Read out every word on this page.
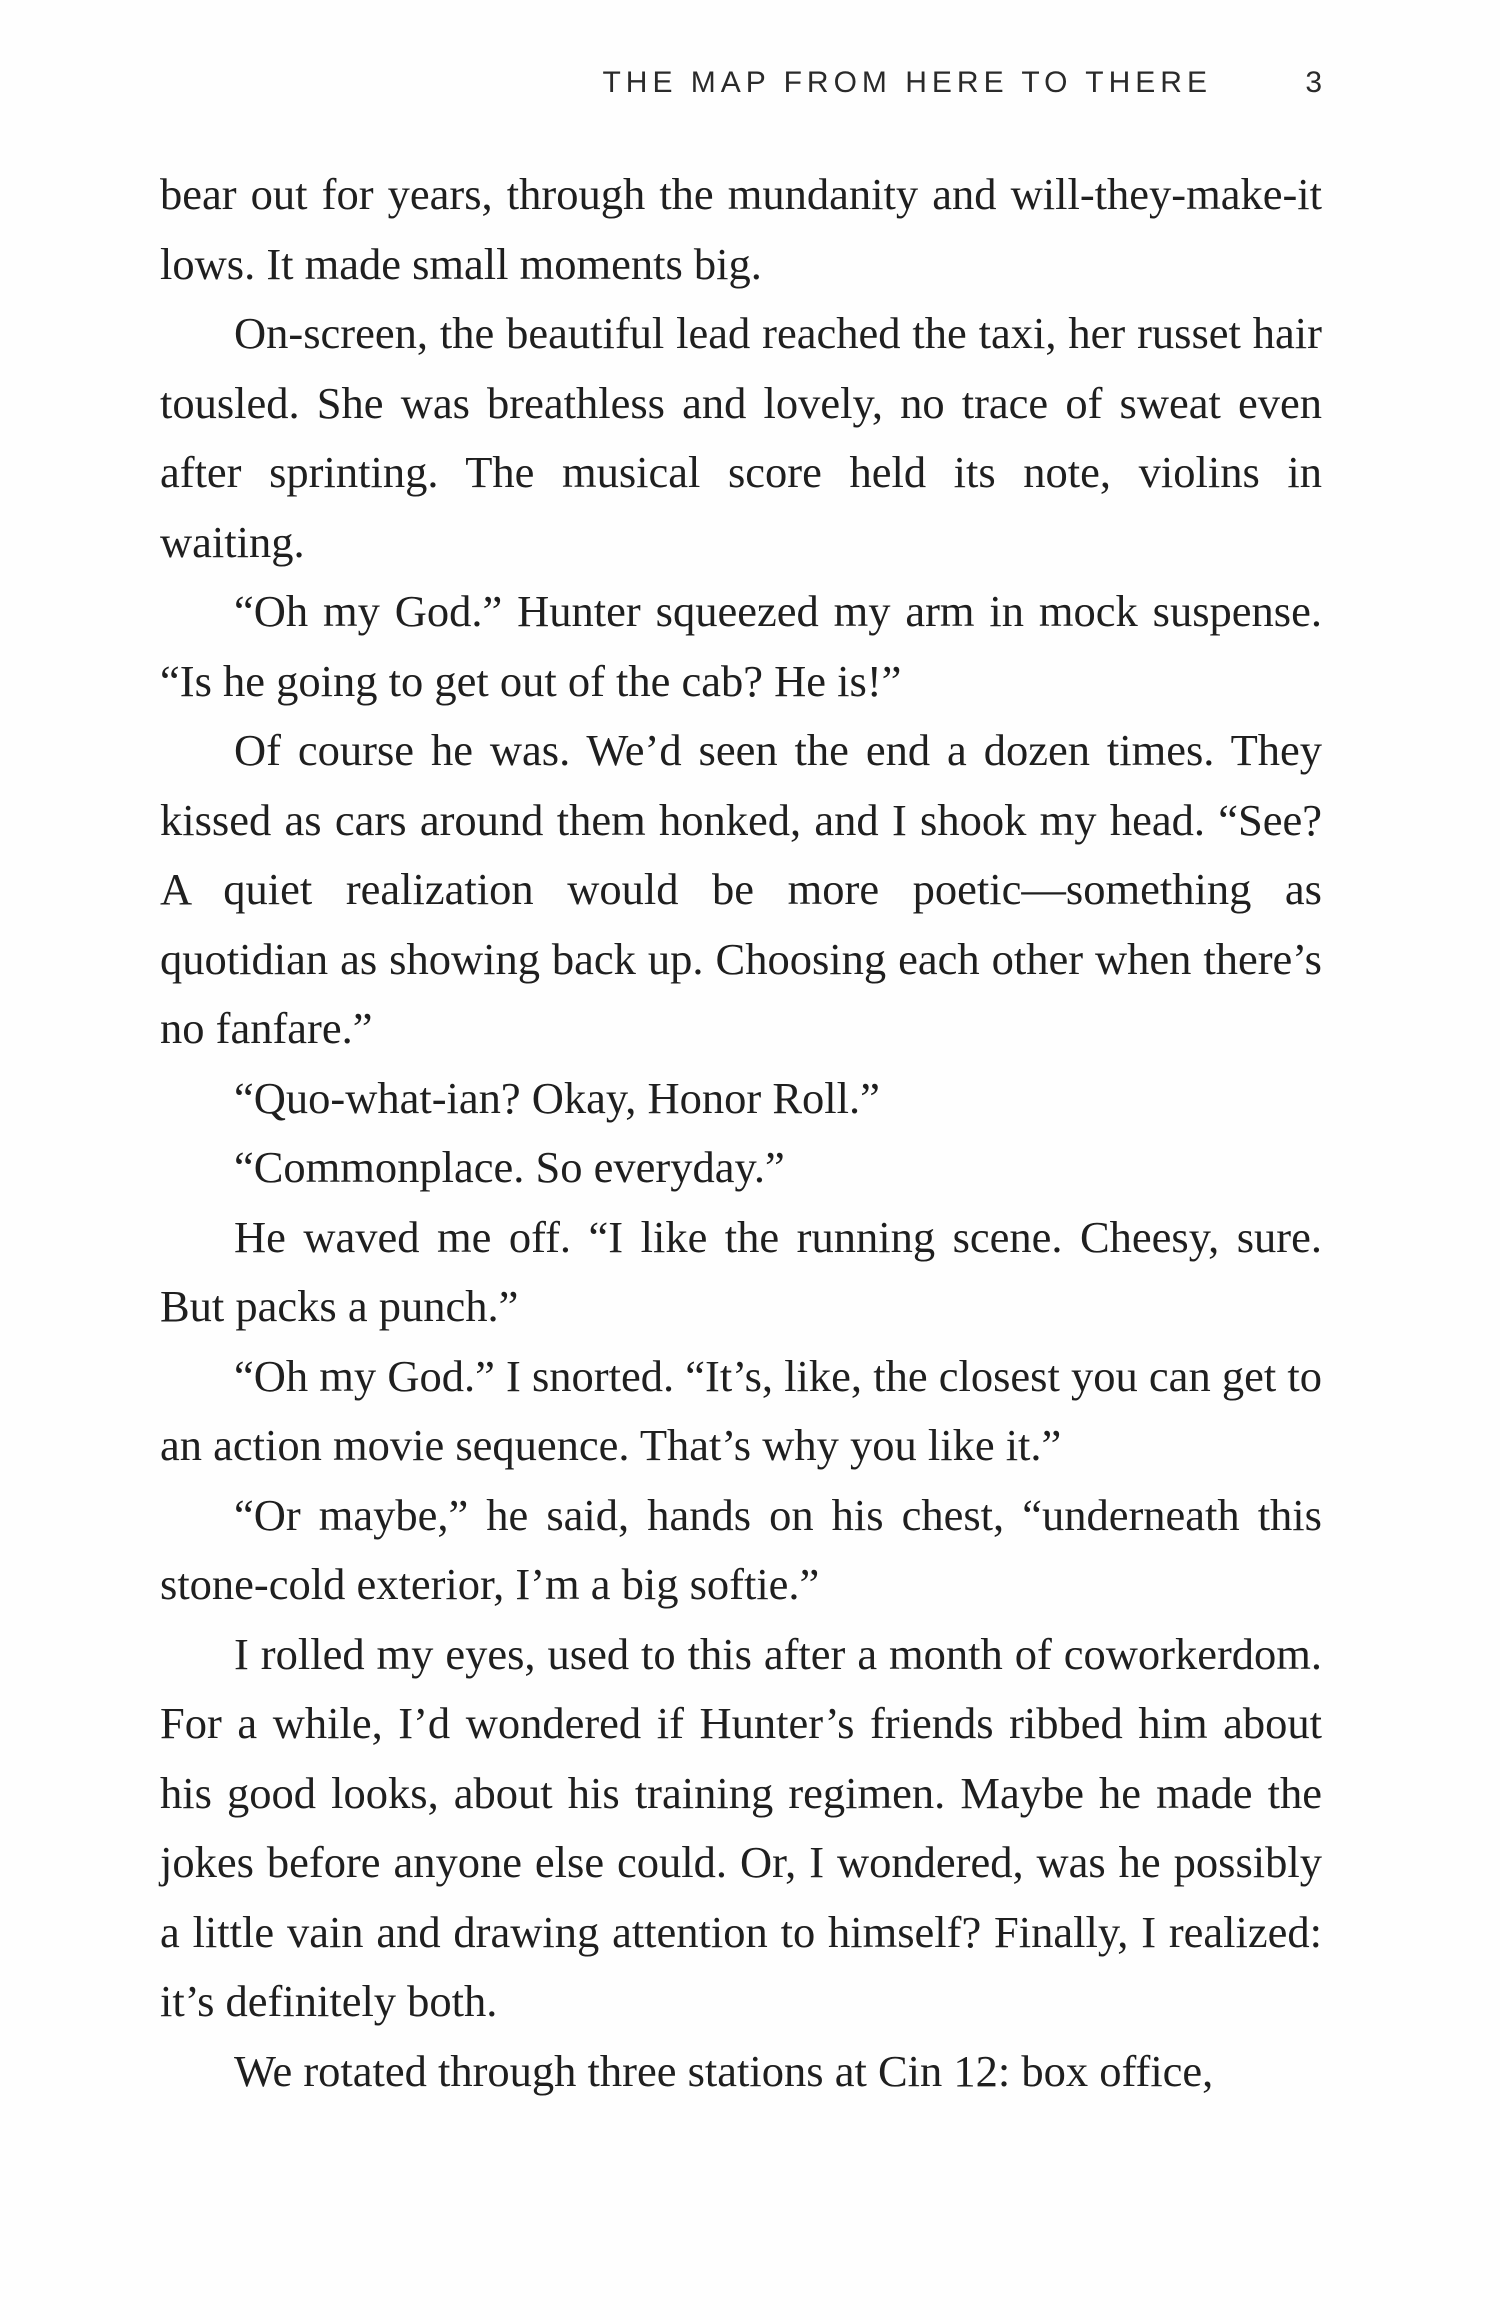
THE MAP FROM HERE TO THERE	3

bear out for years, through the mundanity and will-they-make-it lows. It made small moments big.

On-screen, the beautiful lead reached the taxi, her russet hair tousled. She was breathless and lovely, no trace of sweat even after sprinting. The musical score held its note, violins in waiting.

“Oh my God.” Hunter squeezed my arm in mock suspense. “Is he going to get out of the cab? He is!”

Of course he was. We’d seen the end a dozen times. They kissed as cars around them honked, and I shook my head. “See? A quiet realization would be more poetic—something as quotidian as showing back up. Choosing each other when there’s no fanfare.”

“Quo-what-ian? Okay, Honor Roll.”

“Commonplace. So everyday.”

He waved me off. “I like the running scene. Cheesy, sure. But packs a punch.”

“Oh my God.” I snorted. “It’s, like, the closest you can get to an action movie sequence. That’s why you like it.”

“Or maybe,” he said, hands on his chest, “underneath this stone-cold exterior, I’m a big softie.”

I rolled my eyes, used to this after a month of coworkerdom. For a while, I’d wondered if Hunter’s friends ribbed him about his good looks, about his training regimen. Maybe he made the jokes before anyone else could. Or, I wondered, was he possibly a little vain and drawing attention to himself? Finally, I realized: it’s definitely both.

We rotated through three stations at Cin 12: box office,
